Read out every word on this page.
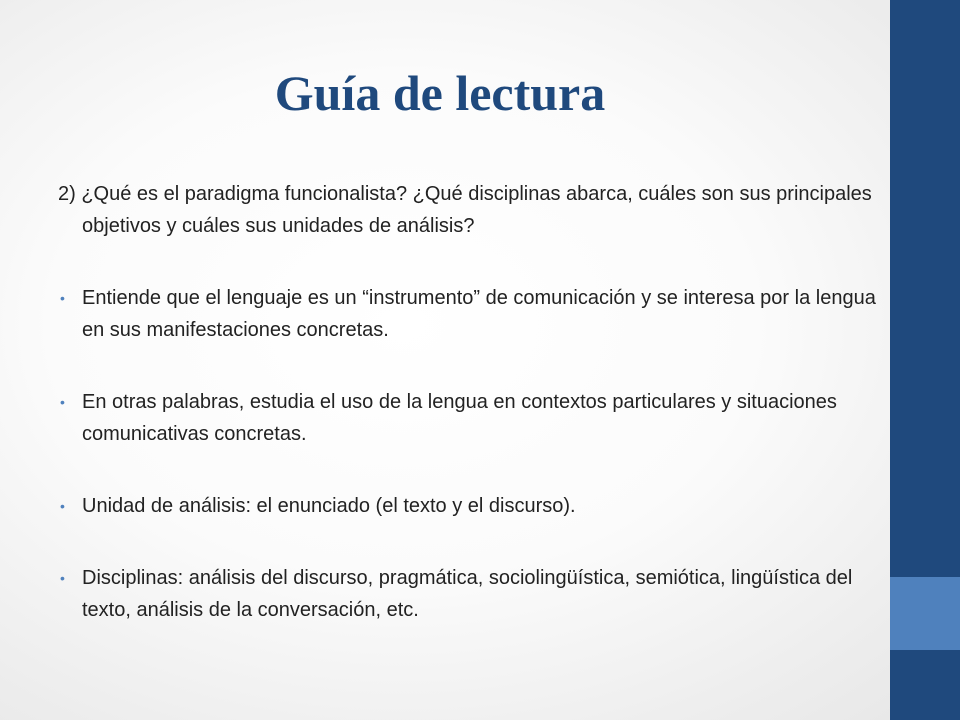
Guía de lectura

2) ¿Qué es el paradigma funcionalista? ¿Qué disciplinas abarca, cuáles son sus principales objetivos y cuáles sus unidades de análisis?

• Entiende que el lenguaje es un “instrumento” de comunicación y se interesa por la lengua en sus manifestaciones concretas.
• En otras palabras, estudia el uso de la lengua en contextos particulares y situaciones comunicativas concretas.
• Unidad de análisis: el enunciado (el texto y el discurso).
• Disciplinas: análisis del discurso, pragmática, sociolingüística, semiótica, lingüística del texto, análisis de la conversación, etc.
